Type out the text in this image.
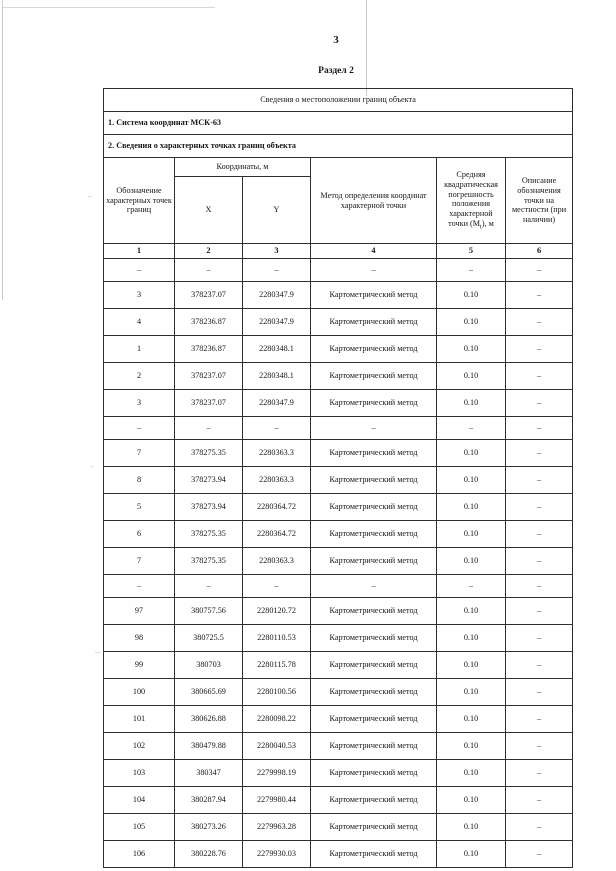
3
Раздел 2
Сведения о местоположении границ объекта					
1. Система координат МСК-63					
2. Сведения о характерных точках границ объекта					
Обозначение характерных точек границ	Координаты, м		Метод определения координат характерной точки	Средняя квадратическая погрешность положения характерной точки $(М_t)$, м	Описание обозначения точки на местности (при наличии)
	X	Y			
1	2	3	4	5	6
–	–	–	–	–	–
3	378237.07	2280347.9	Картометрический метод	0.10	–
4	378236.87	2280347.9	Картометрический метод	0.10	–
1	378236.87	2280348.1	Картометрический метод	0.10	–
2	378237.07	2280348.1	Картометрический метод	0.10	–
3	378237.07	2280347.9	Картометрический метод	0.10	–
–	–	–	–	–	–
7	378275.35	2280363.3	Картометрический метод	0.10	–
8	378273.94	2280363.3	Картометрический метод	0.10	–
5	378273.94	2280364.72	Картометрический метод	0.10	–
6	378275.35	2280364.72	Картометрический метод	0.10	–
7	378275.35	2280363.3	Картометрический метод	0.10	–
–	–	–	–	–	–
97	380757.56	2280120.72	Картометрический метод	0.10	–
98	380725.5	2280110.53	Картометрический метод	0.10	–
99	380703	2280115.78	Картометрический метод	0.10	–
100	380665.69	2280100.56	Картометрический метод	0.10	–
101	380626.88	2280098.22	Картометрический метод	0.10	–
102	380479.88	2280040.53	Картометрический метод	0.10	–
103	380347	2279998.19	Картометрический метод	0.10	–
104	380287.94	2279980.44	Картометрический метод	0.10	–
105	380273.26	2279963.28	Картометрический метод	0.10	–
106	380228.76	2279930.03	Картометрический метод	0.10	–
